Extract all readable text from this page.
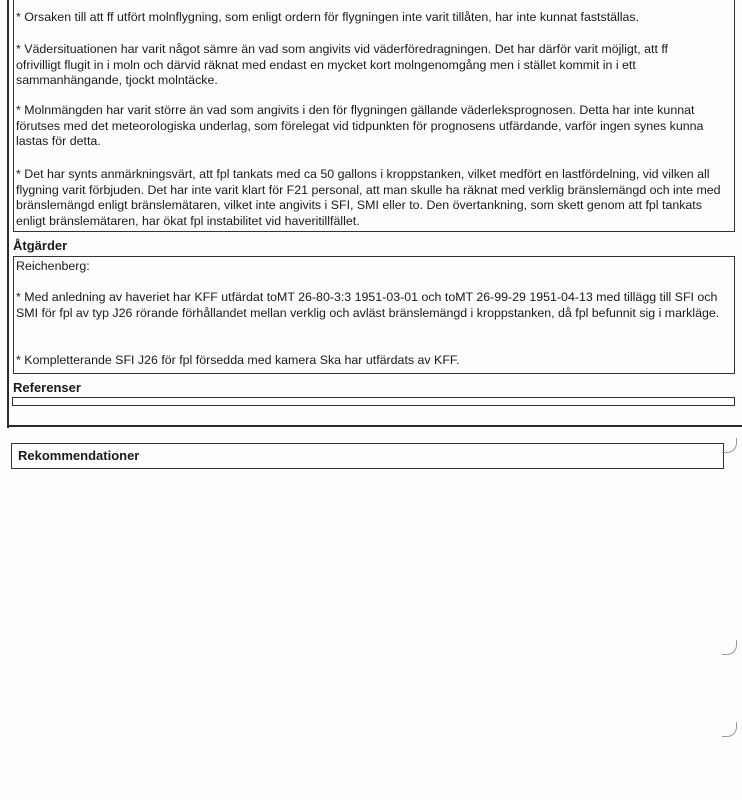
* Orsaken till att ff utfört molnflygning, som enligt ordern för flygningen inte varit tillåten, har inte kunnat fastställas.

* Vädersituationen har varit något sämre än vad som angivits vid väderföredragningen. Det har därför varit möjligt, att ff ofrivilligt flugit in i moln och därvid räknat med endast en mycket kort molngenomgång men i stället kommit in i ett sammanhängande, tjockt molntäcke.

* Molnmängden har varit större än vad som angivits i den för flygningen gällande väderleksprognosen. Detta har inte kunnat förutses med det meteorologiska underlag, som förelegat vid tidpunkten för prognosens utfärdande, varför ingen synes kunna lastas för detta.

* Det har synts anmärkningsvärt, att fpl tankats med ca 50 gallons i kroppstanken, vilket medfört en lastfördelning, vid vilken all flygning varit förbjuden. Det har inte varit klart för F21 personal, att man skulle ha räknat med verklig bränslemängd och inte med bränslemängd enligt bränslemätaren, vilket inte angivits i SFI, SMI eller to. Den övertankning, som skett genom att fpl tankats enligt bränslemätaren, har ökat fpl instabilitet vid haveritillfället.

Åtgärder

Reichenberg:

* Med anledning av haveriet har KFF utfärdat toMT 26-80-3:3 1951-03-01 och toMT 26-99-29 1951-04-13 med tillägg till SFI och SMI för fpl av typ J26 rörande förhållandet mellan verklig och avläst bränslemängd i kroppstanken, då fpl befunnit sig i markläge.

* Kompletterande SFI J26 för fpl försedda med kamera Ska har utfärdats av KFF.

Referenser
Rekommendationer
